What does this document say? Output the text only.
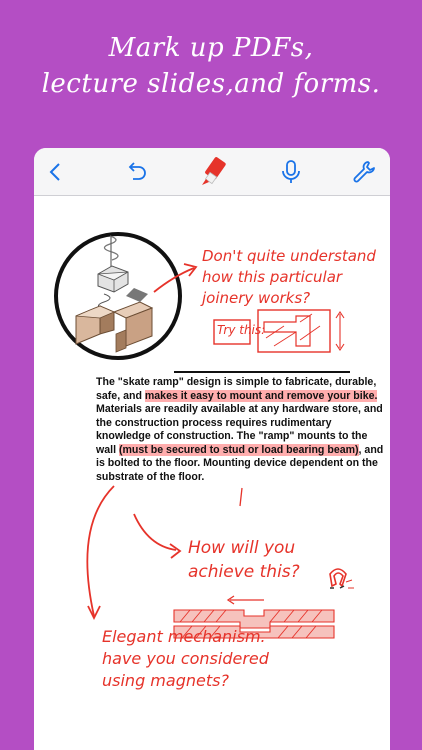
Mark up PDFs,
lecture slides,and forms.
Don't quite understand
how this particular
joinery works?
Try this:
The "skate ramp" design is simple to fabricate, durable, safe, and makes it easy to mount and remove your bike. Materials are readily available at any hardware store, and the construction process requires rudimentary knowledge of construction. The "ramp" mounts to the wall (must be secured to stud or load bearing beam), and is bolted to the floor. Mounting device dependent on the substrate of the floor.
How will you
achieve this?
Elegant mechanism.
have you considered
using magnets?
